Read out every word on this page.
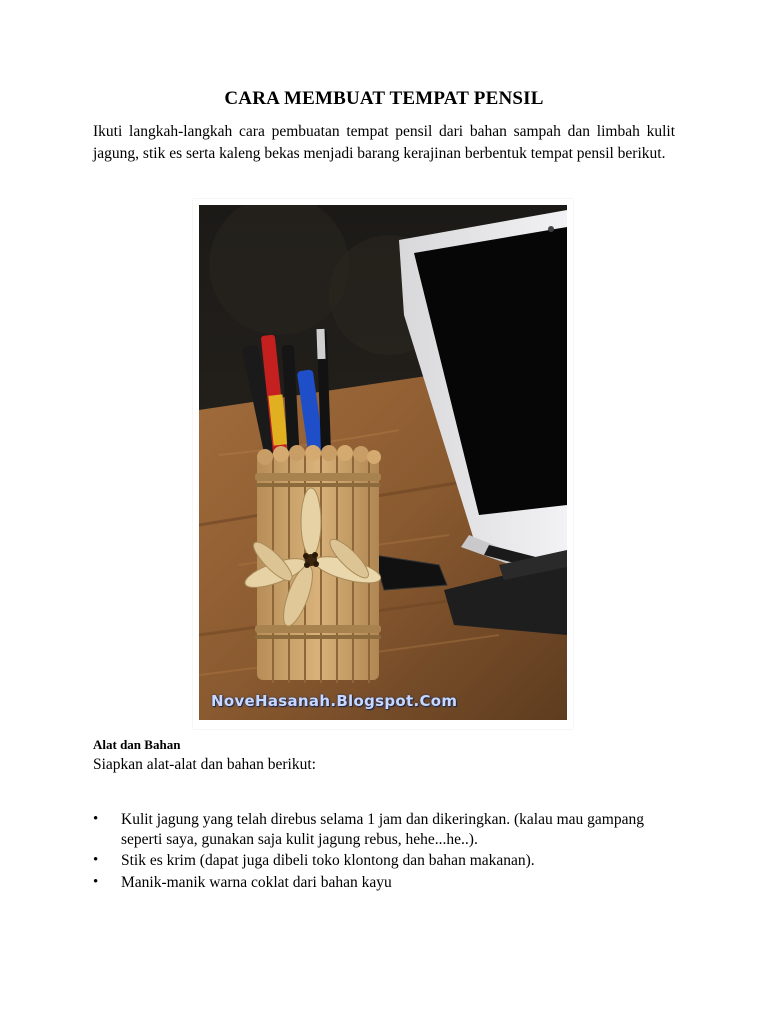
CARA MEMBUAT TEMPAT PENSIL

Ikuti langkah-langkah cara pembuatan tempat pensil dari bahan sampah dan limbah kulit jagung, stik es serta kaleng bekas menjadi barang kerajinan berbentuk tempat pensil berikut.

NoveHasanah.Blogspot.Com
Alat dan Bahan

Siapkan alat-alat dan bahan berikut:

• Kulit jagung yang telah direbus selama 1 jam dan dikeringkan. (kalau mau gampang seperti saya, gunakan saja kulit jagung rebus, hehe...he..).
• Stik es krim (dapat juga dibeli toko klontong dan bahan makanan).
• Manik-manik warna coklat dari bahan kayu
